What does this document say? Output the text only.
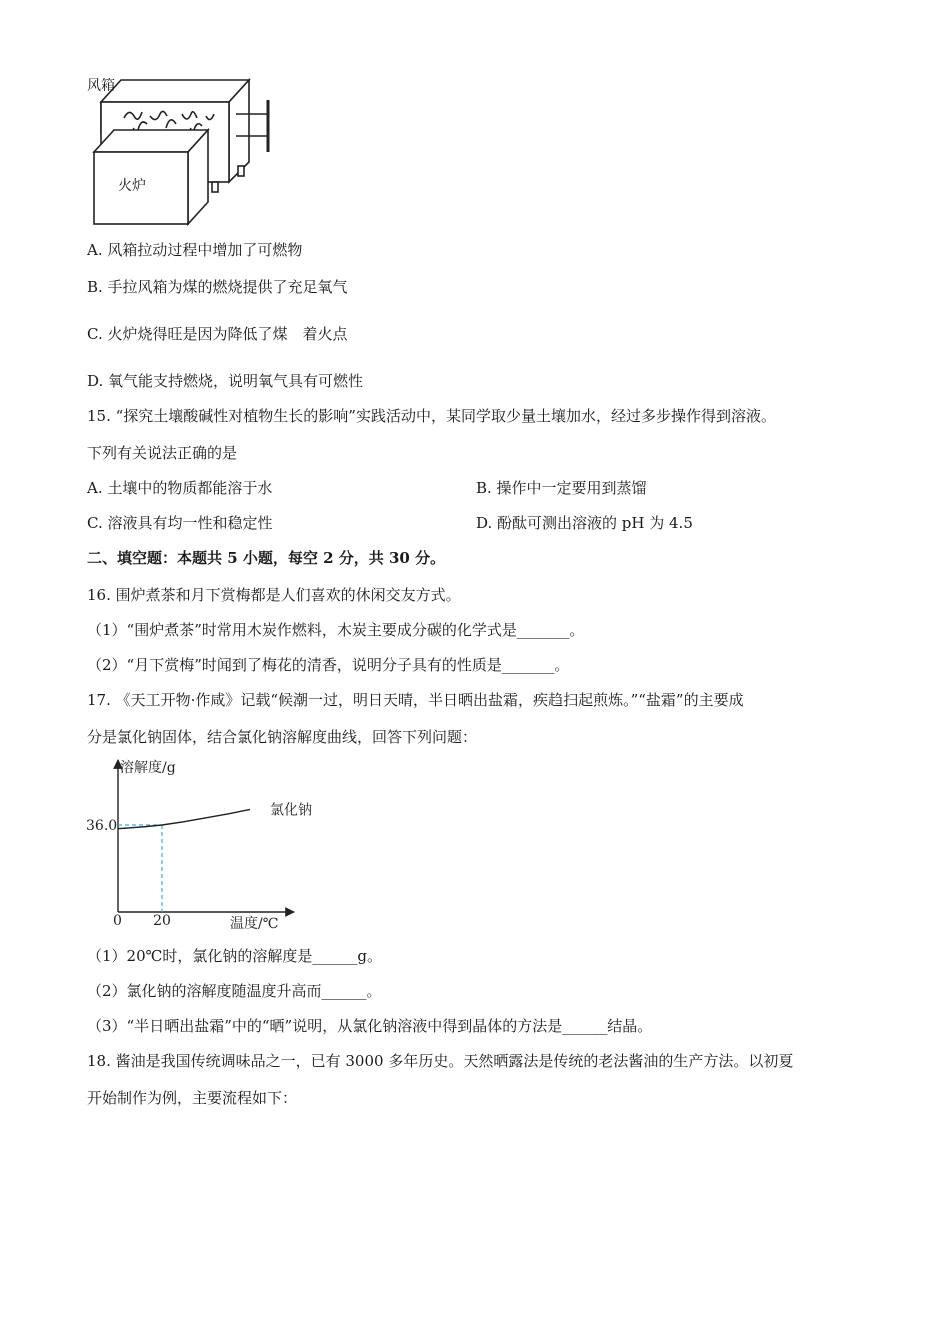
风箱
火炉
A. 风箱拉动过程中增加了可燃物
B. 手拉风箱为煤的燃烧提供了充足氧气
C. 火炉烧得旺是因为降低了煤　着火点
D. 氧气能支持燃烧，说明氧气具有可燃性
15. “探究土壤酸碱性对植物生长的影响”实践活动中，某同学取少量土壤加水，经过多步操作得到溶液。
下列有关说法正确的是
A. 土壤中的物质都能溶于水	B. 操作中一定要用到蒸馏
C. 溶液具有均一性和稳定性	D. 酚酞可测出溶液的 pH 为 4.5
二、填空题：本题共 5 小题，每空 2 分，共 30 分。
16. 围炉煮茶和月下赏梅都是人们喜欢的休闲交友方式。
（1）“围炉煮茶”时常用木炭作燃料，木炭主要成分碳的化学式是_______。
（2）“月下赏梅”时闻到了梅花的清香，说明分子具有的性质是_______。
17. 《天工开物·作咸》记载“候潮一过，明日天晴，半日晒出盐霜，疾趋扫起煎炼。”“盐霜”的主要成
分是氯化钠固体，结合氯化钠溶解度曲线，回答下列问题：
溶解度/g
温度/℃
0 20
36.0
氯化钠
（1）20℃时，氯化钠的溶解度是______g。
（2）氯化钠的溶解度随温度升高而______。
（3）“半日晒出盐霜”中的“晒”说明，从氯化钠溶液中得到晶体的方法是______结晶。
18. 酱油是我国传统调味品之一，已有 3000 多年历史。天然晒露法是传统的老法酱油的生产方法。以初夏
开始制作为例，主要流程如下：
